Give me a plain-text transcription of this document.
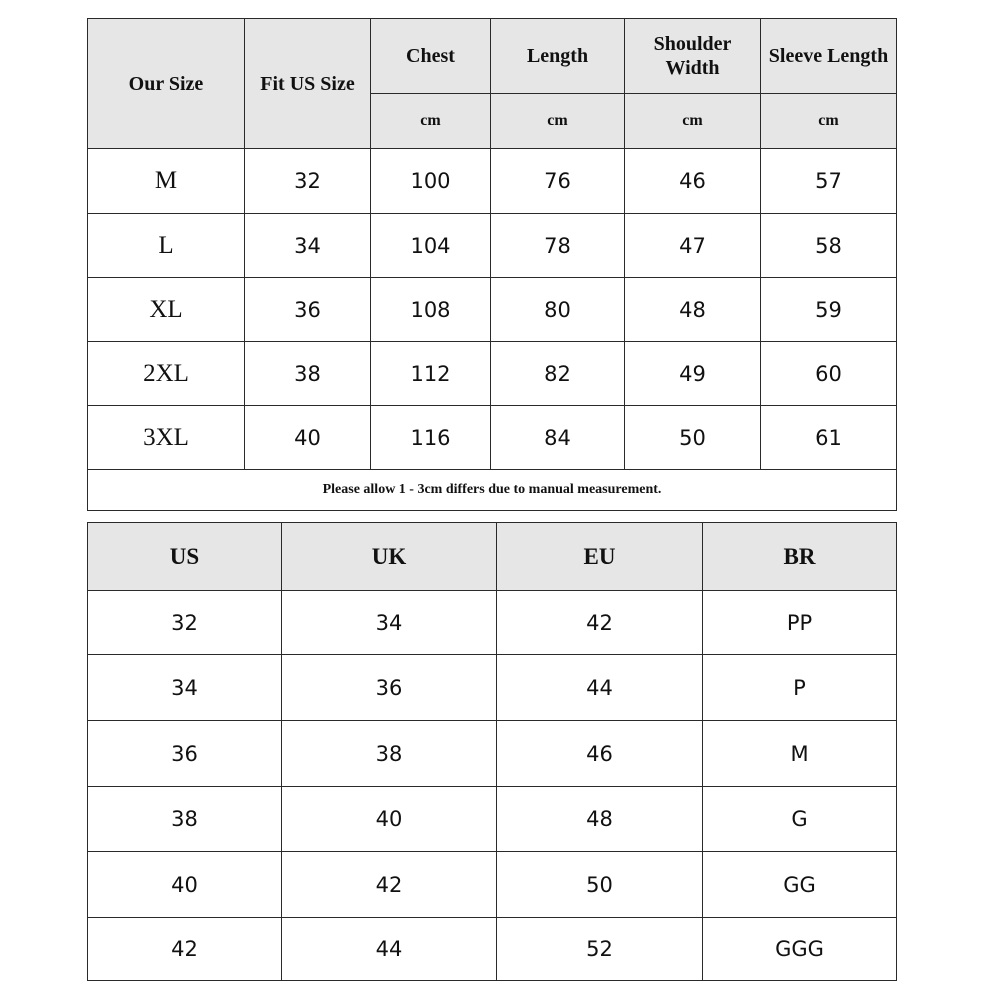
Our Size	Fit US Size	Chest	Length	Shoulder Width	Sleeve Length
		cm	cm	cm	cm
M	32	100	76	46	57
L	34	104	78	47	58
XL	36	108	80	48	59
2XL	38	112	82	49	60
3XL	40	116	84	50	61
Please allow 1 - 3cm differs due to manual measurement.					
US	UK	EU	BR
32	34	42	PP
34	36	44	P
36	38	46	M
38	40	48	G
40	42	50	GG
42	44	52	GGG
